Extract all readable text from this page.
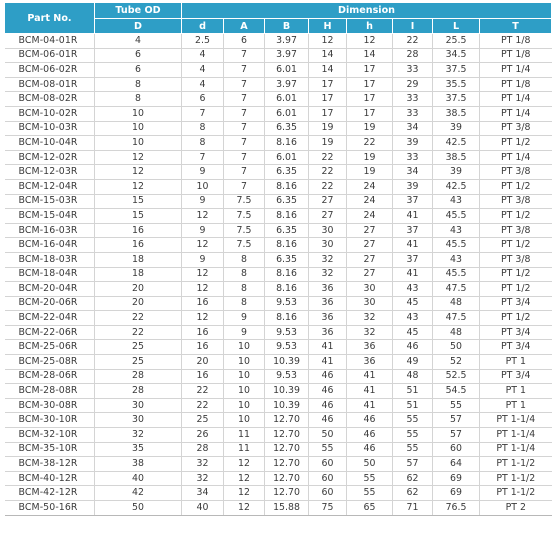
Part No.	Tube OD	Dimension							
	D	d	A	B	H	h	I	L	T
BCM-04-01R	4	2.5	6	3.97	12	12	22	25.5	PT 1/8
BCM-06-01R	6	4	7	3.97	14	14	28	34.5	PT 1/8
BCM-06-02R	6	4	7	6.01	14	17	33	37.5	PT 1/4
BCM-08-01R	8	4	7	3.97	17	17	29	35.5	PT 1/8
BCM-08-02R	8	6	7	6.01	17	17	33	37.5	PT 1/4
BCM-10-02R	10	7	7	6.01	17	17	33	38.5	PT 1/4
BCM-10-03R	10	8	7	6.35	19	19	34	39	PT 3/8
BCM-10-04R	10	8	7	8.16	19	22	39	42.5	PT 1/2
BCM-12-02R	12	7	7	6.01	22	19	33	38.5	PT 1/4
BCM-12-03R	12	9	7	6.35	22	19	34	39	PT 3/8
BCM-12-04R	12	10	7	8.16	22	24	39	42.5	PT 1/2
BCM-15-03R	15	9	7.5	6.35	27	24	37	43	PT 3/8
BCM-15-04R	15	12	7.5	8.16	27	24	41	45.5	PT 1/2
BCM-16-03R	16	9	7.5	6.35	30	27	37	43	PT 3/8
BCM-16-04R	16	12	7.5	8.16	30	27	41	45.5	PT 1/2
BCM-18-03R	18	9	8	6.35	32	27	37	43	PT 3/8
BCM-18-04R	18	12	8	8.16	32	27	41	45.5	PT 1/2
BCM-20-04R	20	12	8	8.16	36	30	43	47.5	PT 1/2
BCM-20-06R	20	16	8	9.53	36	30	45	48	PT 3/4
BCM-22-04R	22	12	9	8.16	36	32	43	47.5	PT 1/2
BCM-22-06R	22	16	9	9.53	36	32	45	48	PT 3/4
BCM-25-06R	25	16	10	9.53	41	36	46	50	PT 3/4
BCM-25-08R	25	20	10	10.39	41	36	49	52	PT 1
BCM-28-06R	28	16	10	9.53	46	41	48	52.5	PT 3/4
BCM-28-08R	28	22	10	10.39	46	41	51	54.5	PT 1
BCM-30-08R	30	22	10	10.39	46	41	51	55	PT 1
BCM-30-10R	30	25	10	12.70	46	46	55	57	PT 1-1/4
BCM-32-10R	32	26	11	12.70	50	46	55	57	PT 1-1/4
BCM-35-10R	35	28	11	12.70	55	46	55	60	PT 1-1/4
BCM-38-12R	38	32	12	12.70	60	50	57	64	PT 1-1/2
BCM-40-12R	40	32	12	12.70	60	55	62	69	PT 1-1/2
BCM-42-12R	42	34	12	12.70	60	55	62	69	PT 1-1/2
BCM-50-16R	50	40	12	15.88	75	65	71	76.5	PT 2
